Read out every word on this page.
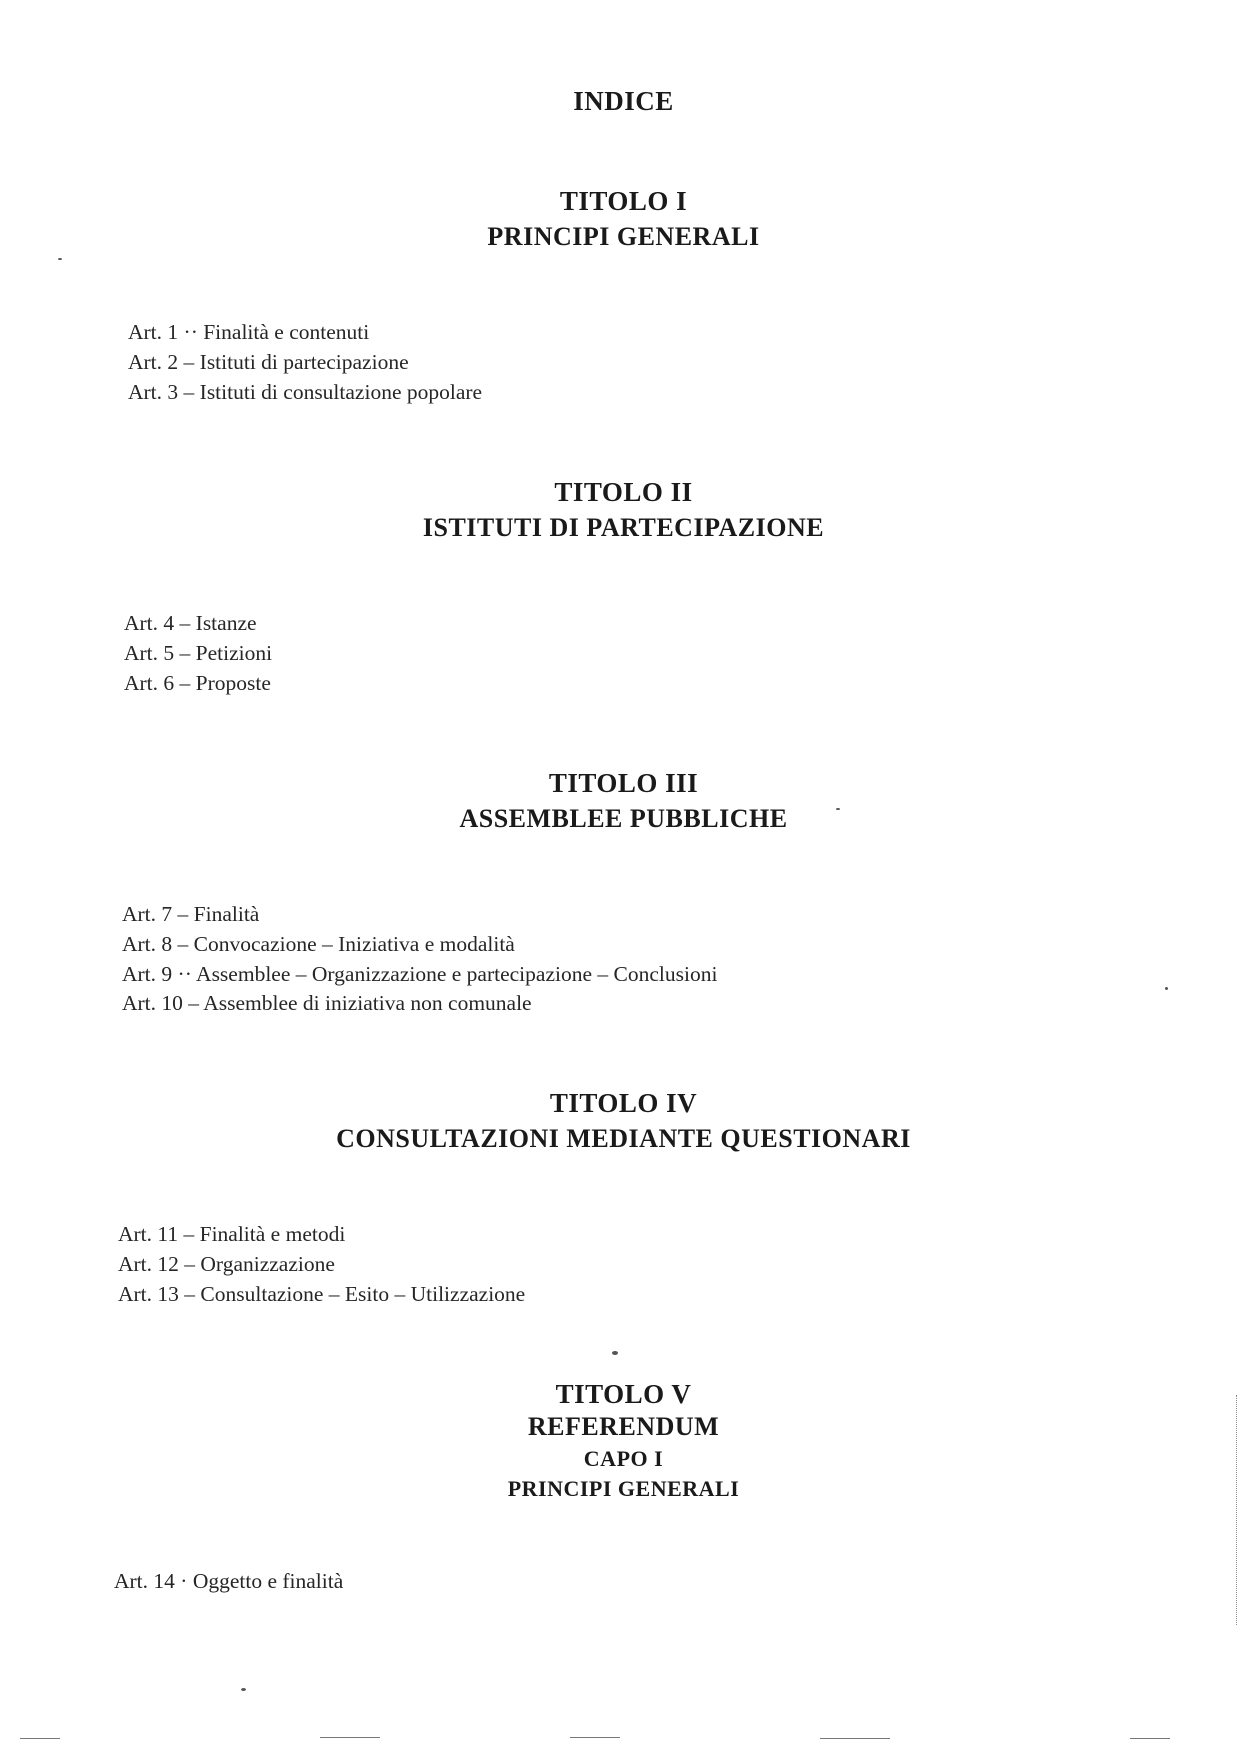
INDICE
TITOLO I
PRINCIPI GENERALI
Art. 1 ·· Finalità e contenuti
Art. 2 – Istituti di partecipazione
Art. 3 – Istituti di consultazione popolare
TITOLO II
ISTITUTI DI PARTECIPAZIONE
Art. 4 – Istanze
Art. 5 – Petizioni
Art. 6 – Proposte
TITOLO III
ASSEMBLEE PUBBLICHE
Art. 7 – Finalità
Art. 8 – Convocazione – Iniziativa e modalità
Art. 9 ·· Assemblee – Organizzazione e partecipazione – Conclusioni
Art. 10 – Assemblee di iniziativa non comunale
TITOLO IV
CONSULTAZIONI MEDIANTE QUESTIONARI
Art. 11 – Finalità e metodi
Art. 12 – Organizzazione
Art. 13 – Consultazione – Esito – Utilizzazione
TITOLO V
REFERENDUM
CAPO I
PRINCIPI GENERALI
Art. 14 · Oggetto e finalità
